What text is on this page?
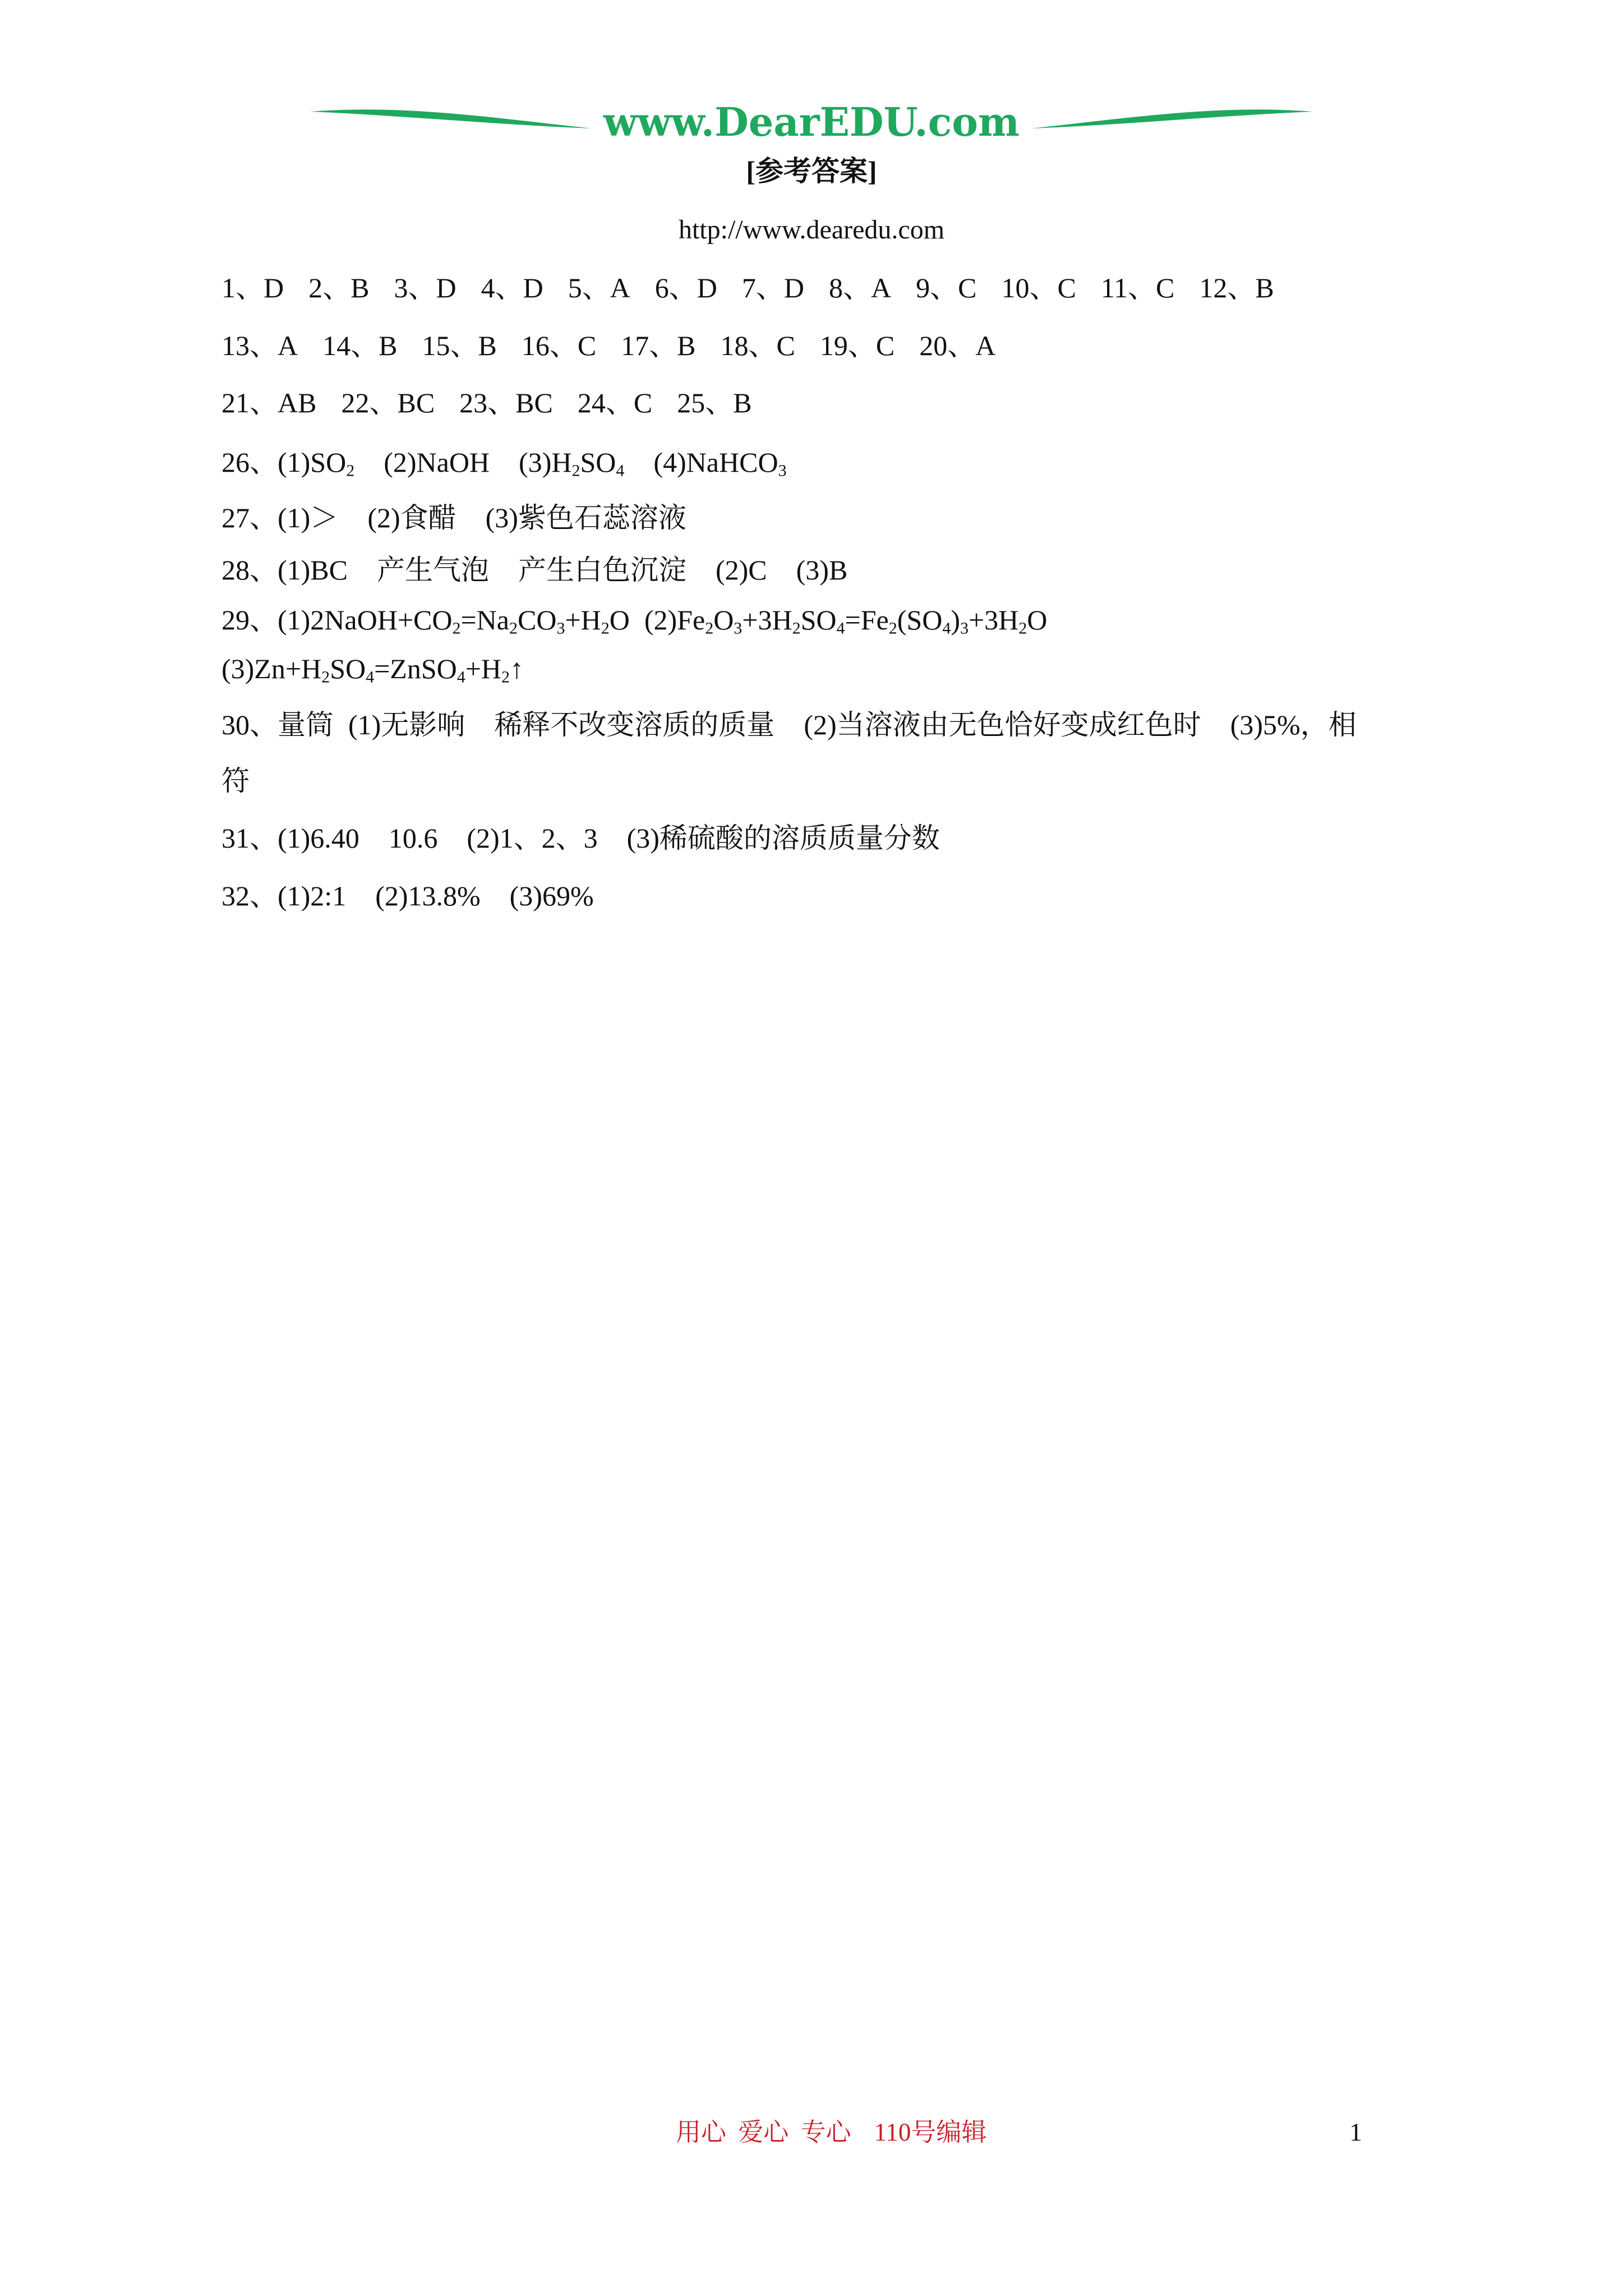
www.DearEDU.com
[参考答案]
http://www.dearedu.com
1、D 2、B 3、D 4、D 5、A 6、D 7、D 8、A 9、C 10、C 11、C 12、B
13、A 14、B 15、B 16、C 17、B 18、C 19、C 20、A
21、AB 22、BC 23、BC 24、C 25、B
26、$(1)SO_2$ (2)NaOH $(3)H_2SO_4$ (4)NaHCO$_3$
27、(1)＞ (2)食醋 (3)紫色石蕊溶液
28、(1)BC 产生气泡 产生白色沉淀 (2)C (3)B
29、$(1)2NaOH+CO_2=Na_2CO_3+H_2O$ $(2)Fe_2O_3+3H_2SO_4=Fe_2(SO_4)_3+3H_2O$
$(3)Zn+H_2SO_4=ZnSO_4+H_2↑$
30、量筒 (1)无影响 稀释不改变溶质的质量 (2)当溶液由无色恰好变成红色时 (3)5%，相
符
31、(1)6.40 10.6 (2)1、2、3 (3)稀硫酸的溶质质量分数
32、(1)2:1 (2)13.8% (3)69%
用心 爱心 专心 110号编辑	1
